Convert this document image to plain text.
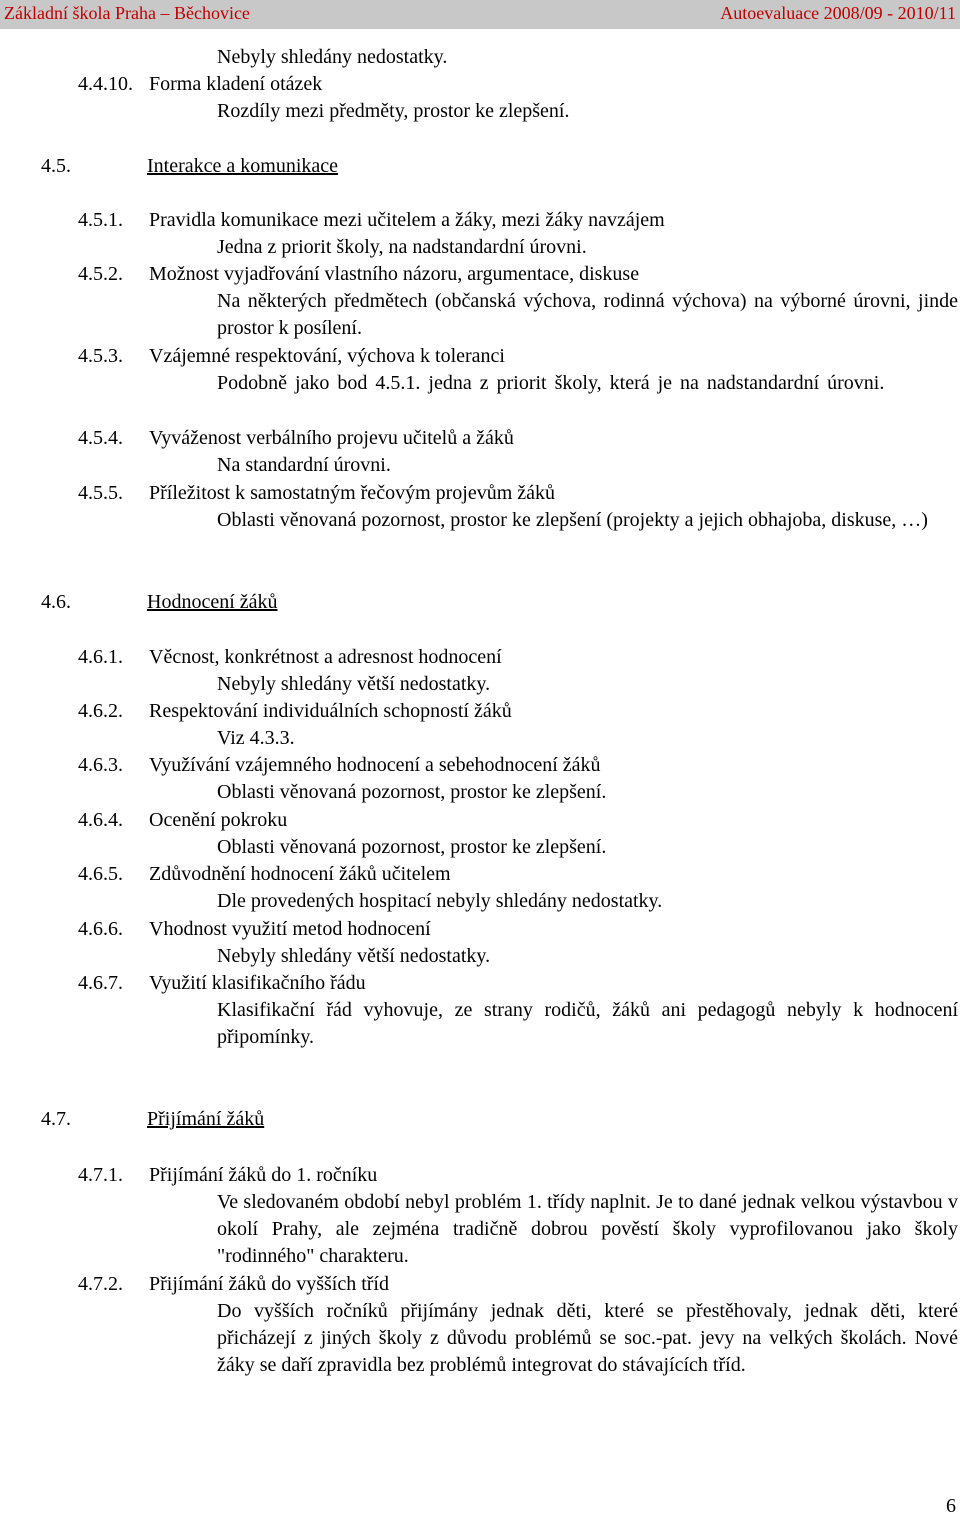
Základní škola Praha – Běchovice	Autoevaluace 2008/09 - 2010/11
Nebyly shledány nedostatky.
4.4.10. Forma kladení otázek
Rozdíly mezi předměty, prostor ke zlepšení.
4.5.	Interakce a komunikace
4.5.1. Pravidla komunikace mezi učitelem a žáky, mezi žáky navzájem
Jedna z priorit školy, na nadstandardní úrovni.
4.5.2. Možnost vyjadřování vlastního názoru, argumentace, diskuse
Na některých předmětech (občanská výchova, rodinná výchova) na výborné úrovni, jinde prostor k posílení.
4.5.3. Vzájemné respektování, výchova k toleranci
Podobně jako bod 4.5.1. jedna z priorit školy, která je na nadstandardní úrovni.
4.5.4. Vyváženost verbálního projevu učitelů a žáků
Na standardní úrovni.
4.5.5. Příležitost k samostatným řečovým projevům žáků
Oblasti věnovaná pozornost, prostor ke zlepšení (projekty a jejich obhajoba, diskuse, …)
4.6.	Hodnocení žáků
4.6.1. Věcnost, konkrétnost a adresnost hodnocení
Nebyly shledány větší nedostatky.
4.6.2. Respektování individuálních schopností žáků
Viz 4.3.3.
4.6.3. Využívání vzájemného hodnocení a sebehodnocení žáků
Oblasti věnovaná pozornost, prostor ke zlepšení.
4.6.4. Ocenění pokroku
Oblasti věnovaná pozornost, prostor ke zlepšení.
4.6.5. Zdůvodnění hodnocení žáků učitelem
Dle provedených hospitací nebyly shledány nedostatky.
4.6.6. Vhodnost využití metod hodnocení
Nebyly shledány větší nedostatky.
4.6.7. Využití klasifikačního řádu
Klasifikační řád vyhovuje, ze strany rodičů, žáků ani pedagogů nebyly k hodnocení připomínky.
4.7.	Přijímání žáků
4.7.1. Přijímání žáků do 1. ročníku
Ve sledovaném období nebyl problém 1. třídy naplnit. Je to dané jednak velkou výstavbou v okolí Prahy, ale zejména tradičně dobrou pověstí školy vyprofilovanou jako školy "rodinného" charakteru.
4.7.2. Přijímání žáků do vyšších tříd
Do vyšších ročníků přijímány jednak děti, které se přestěhovaly, jednak děti, které přicházejí z jiných školy z důvodu problémů se soc.-pat. jevy na velkých školách. Nové žáky se daří zpravidla bez problémů integrovat do stávajících tříd.
6
